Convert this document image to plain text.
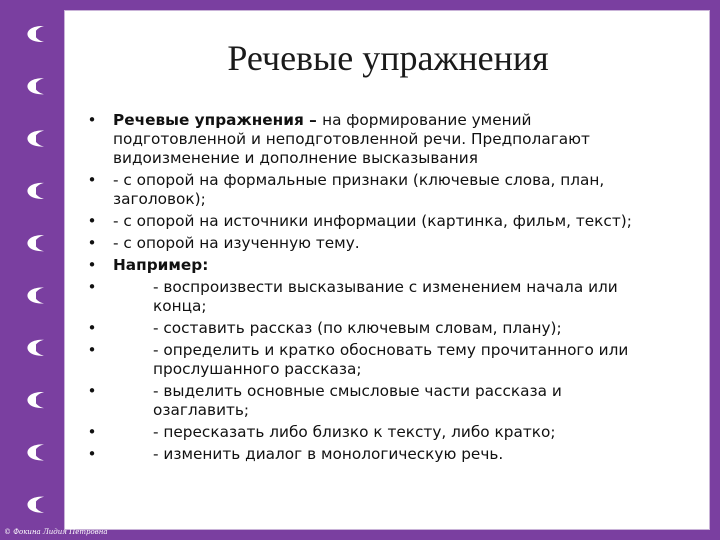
Речевые упражнения
• Речевые упражнения – на формирование умений подготовленной и неподготовленной речи. Предполагают видоизменение и дополнение высказывания
• - с опорой на формальные признаки (ключевые слова, план, заголовок);
• - с опорой на источники информации (картинка, фильм, текст);
• - с опорой на изученную тему.
• Например:
•	- воспроизвести высказывание с изменением начала или конца;
•	- составить рассказ (по ключевым словам, плану);
•	- определить и кратко обосновать тему прочитанного или прослушанного рассказа;
•	- выделить основные смысловые части рассказа и озаглавить;
•	- пересказать либо близко к тексту, либо кратко;
•	- изменить диалог в монологическую речь.
© Фокина Лидия Петровна
